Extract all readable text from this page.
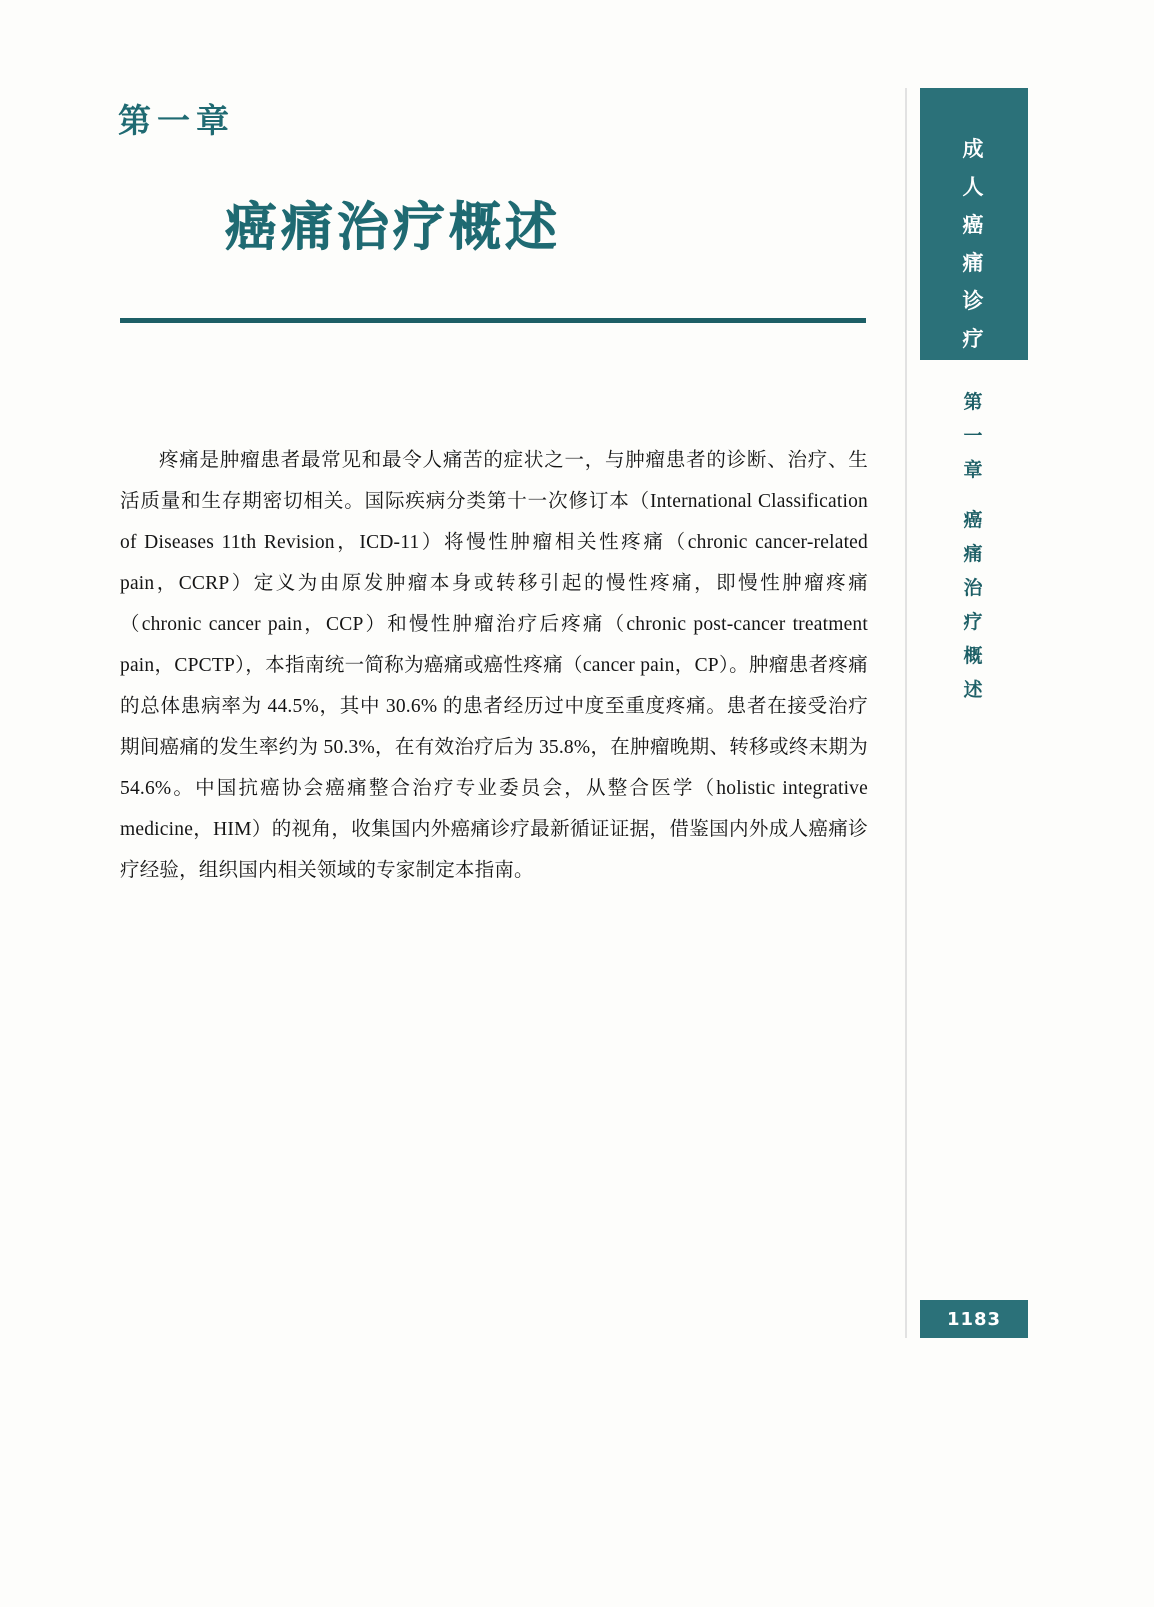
第一章
癌痛治疗概述

疼痛是肿瘤患者最常见和最令人痛苦的症状之一，与肿瘤患者的诊断、治疗、生活质量和生存期密切相关。国际疾病分类第十一次修订本（International Classification of Diseases 11th Revision，ICD-11）将慢性肿瘤相关性疼痛（chronic cancer-related pain，CCRP）定义为由原发肿瘤本身或转移引起的慢性疼痛，即慢性肿瘤疼痛（chronic cancer pain，CCP）和慢性肿瘤治疗后疼痛（chronic post-cancer treatment pain，CPCTP），本指南统一简称为癌痛或癌性疼痛（cancer pain，CP）。肿瘤患者疼痛的总体患病率为 44.5%，其中 30.6% 的患者经历过中度至重度疼痛。患者在接受治疗期间癌痛的发生率约为 50.3%，在有效治疗后为 35.8%，在肿瘤晚期、转移或终末期为 54.6%。中国抗癌协会癌痛整合治疗专业委员会，从整合医学（holistic integrative medicine，HIM）的视角，收集国内外癌痛诊疗最新循证证据，借鉴国内外成人癌痛诊疗经验，组织国内相关领域的专家制定本指南。

成
人
癌
痛
诊
疗
第
一
章
癌
痛
治
疗
概
述
1183
